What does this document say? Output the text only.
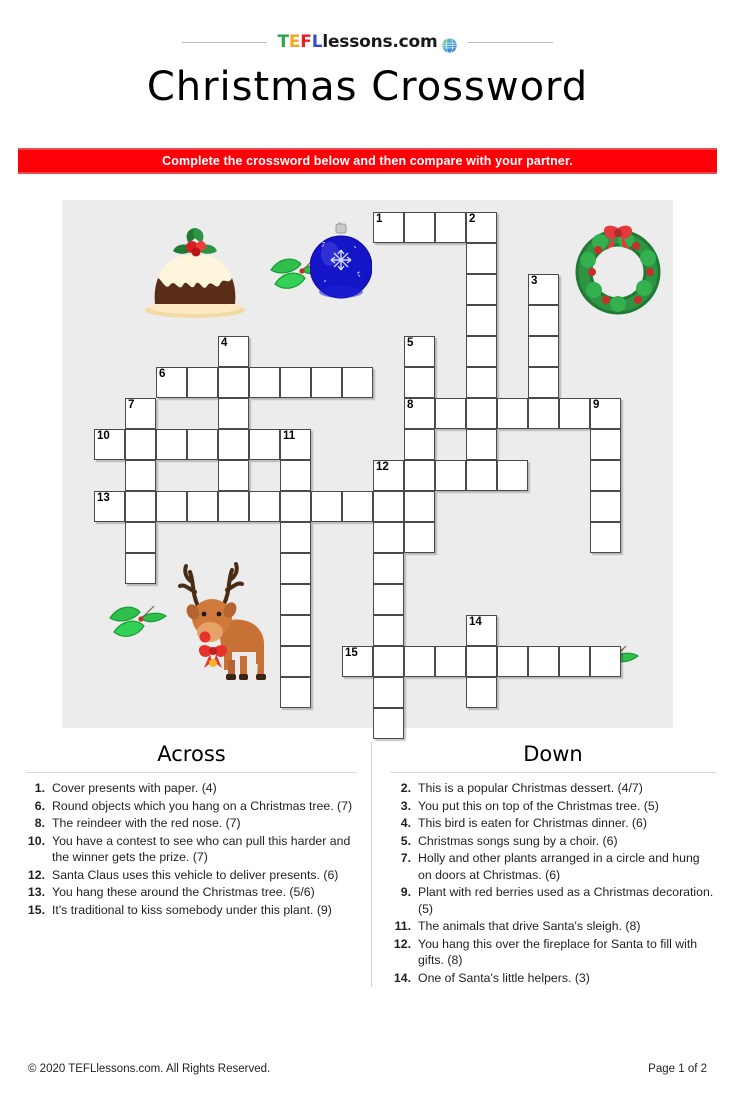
T E F L lessons.com
Christmas Crossword
Complete the crossword below and then compare with your partner.
1	2
3
4	5
6
7	8	9
10	11
12
13
14
15
Across
1. Cover presents with paper. (4)
6. Round objects which you hang on a Christmas tree. (7)
8. The reindeer with the red nose. (7)
10. You have a contest to see who can pull this harder and the winner gets the prize. (7)
12. Santa Claus uses this vehicle to deliver presents. (6)
13. You hang these around the Christmas tree. (5/6)
15. It's traditional to kiss somebody under this plant. (9)
Down
2. This is a popular Christmas dessert. (4/7)
3. You put this on top of the Christmas tree. (5)
4. This bird is eaten for Christmas dinner. (6)
5. Christmas songs sung by a choir. (6)
7. Holly and other plants arranged in a circle and hung on doors at Christmas. (6)
9. Plant with red berries used as a Christmas decoration. (5)
11. The animals that drive Santa's sleigh. (8)
12. You hang this over the fireplace for Santa to fill with gifts. (8)
14. One of Santa's little helpers. (3)
© 2020 TEFLlessons.com. All Rights Reserved.	Page 1 of 2
